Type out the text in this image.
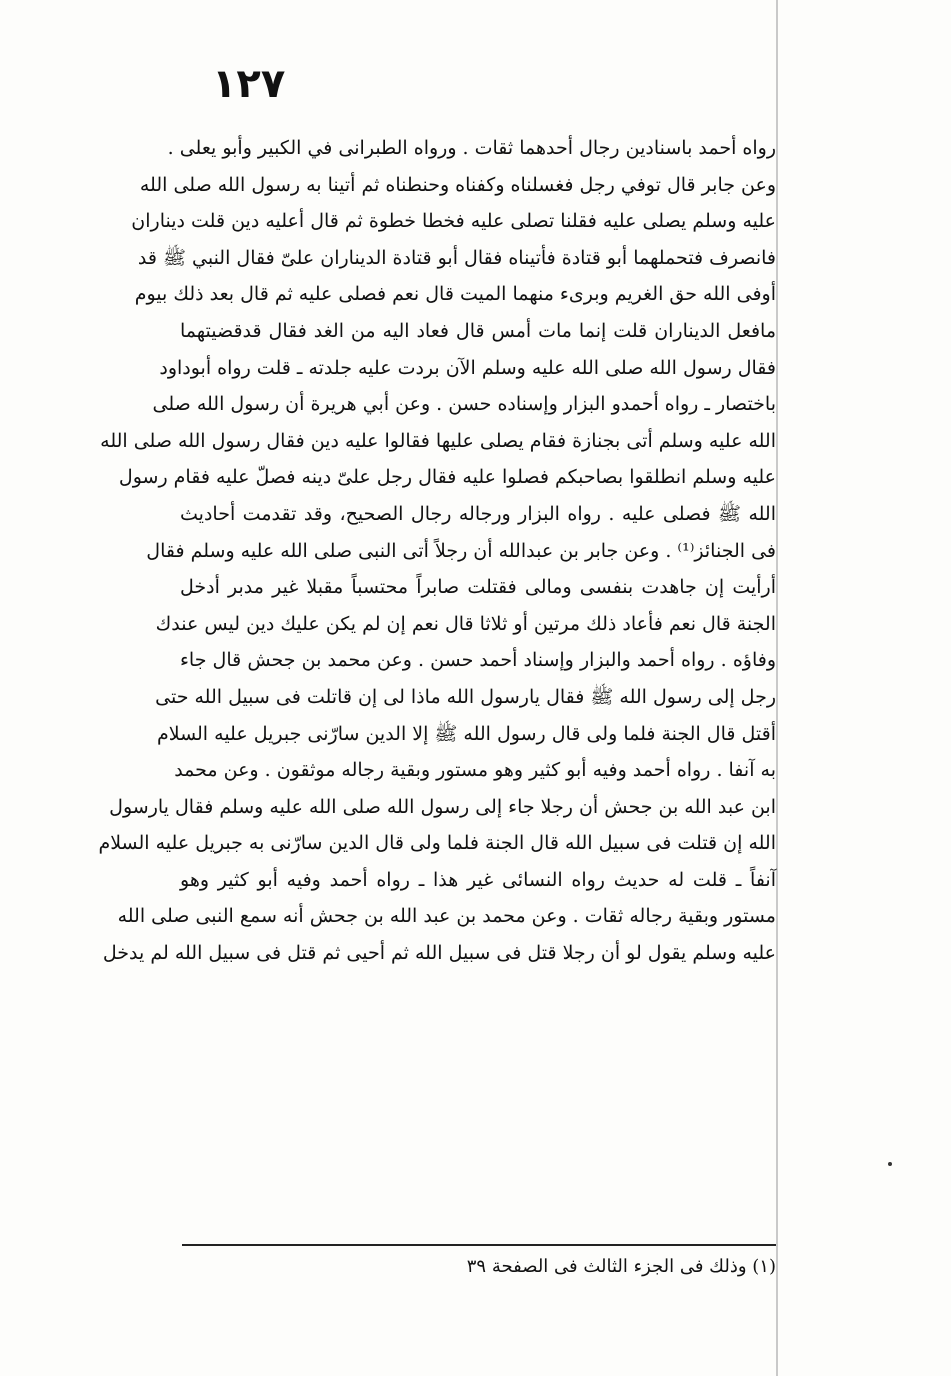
١٢٧
رواه أحمد باسنادين رجال أحدهما ثقات . ورواه الطبرانى في الكبير وأبو يعلى .
وعن جابر قال توفي رجل فغسلناه وكفناه وحنطناه ثم أتينا به رسول الله صلى الله
عليه وسلم يصلى عليه فقلنا تصلى عليه فخطا خطوة ثم قال أعليه دين قلت ديناران
فانصرف فتحملهما أبو قتادة فأتيناه فقال أبو قتادة الديناران علىّ فقال النبي ﷺ قد
أوفى الله حق الغريم وبرىء منهما الميت قال نعم فصلى عليه ثم قال بعد ذلك بيوم
مافعل الديناران قلت إنما مات أمس قال فعاد اليه من الغد فقال قدقضيتهما
فقال رسول الله صلى الله عليه وسلم الآن بردت عليه جلدته ـ قلت رواه أبوداود
باختصار ـ رواه أحمدو البزار وإسناده حسن . وعن أبي هريرة أن رسول الله صلى
الله عليه وسلم أتى بجنازة فقام يصلى عليها فقالوا عليه دين فقال رسول الله صلى الله
عليه وسلم انطلقوا بصاحبكم فصلوا عليه فقال رجل علىّ دينه فصلّ عليه فقام رسول
الله ﷺ فصلى عليه . رواه البزار ورجاله رجال الصحيح، وقد تقدمت أحاديث
فى الجنائز⁽¹⁾ . وعن جابر بن عبدالله أن رجلاً أتى النبى صلى الله عليه وسلم فقال
أرأيت إن جاهدت بنفسى ومالى فقتلت صابراً محتسباً مقبلا غير مدبر أدخل
الجنة قال نعم فأعاد ذلك مرتين أو ثلاثا قال نعم إن لم يكن عليك دين ليس عندك
وفاؤه . رواه أحمد والبزار وإسناد أحمد حسن . وعن محمد بن جحش قال جاء
رجل إلى رسول الله ﷺ فقال يارسول الله ماذا لى إن قاتلت فى سبيل الله حتى
أقتل قال الجنة فلما ولى قال رسول الله ﷺ إلا الدين سارّنى جبريل عليه السلام
به آنفا . رواه أحمد وفيه أبو كثير وهو مستور وبقية رجاله موثقون . وعن محمد
ابن عبد الله بن جحش أن رجلا جاء إلى رسول الله صلى الله عليه وسلم فقال يارسول
الله إن قتلت فى سبيل الله قال الجنة فلما ولى قال الدين سارّنى به جبريل عليه السلام
آنفاً ـ قلت له حديث رواه النسائى غير هذا ـ رواه أحمد وفيه أبو كثير وهو
مستور وبقية رجاله ثقات . وعن محمد بن عبد الله بن جحش أنه سمع النبى صلى الله
عليه وسلم يقول لو أن رجلا قتل فى سبيل الله ثم أحيى ثم قتل فى سبيل الله لم يدخل
(١) وذلك فى الجزء الثالث فى الصفحة ٣٩
